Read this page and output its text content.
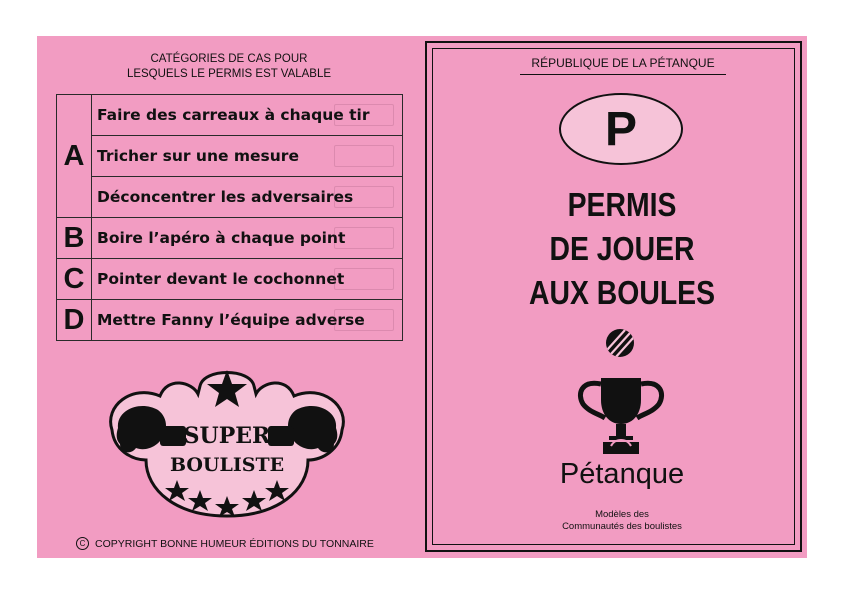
CATÉGORIES DE CAS POUR
LESQUELS LE PERMIS EST VALABLE
A	Faire des carreaux à chaque tir

	Tricher sur une mesure

	Déconcentrer les adversaires

B	Boire l’apéro à chaque point

C	Pointer devant le cochonnet

D	Mettre Fanny l’équipe adverse
SUPER
BOULISTE
C COPYRIGHT BONNE HUMEUR ÉDITIONS DU TONNAIRE
RÉPUBLIQUE DE LA PÉTANQUE
P
PERMIS
DE JOUER
AUX BOULES
Pétanque
Modèles des
Communautés des boulistes
